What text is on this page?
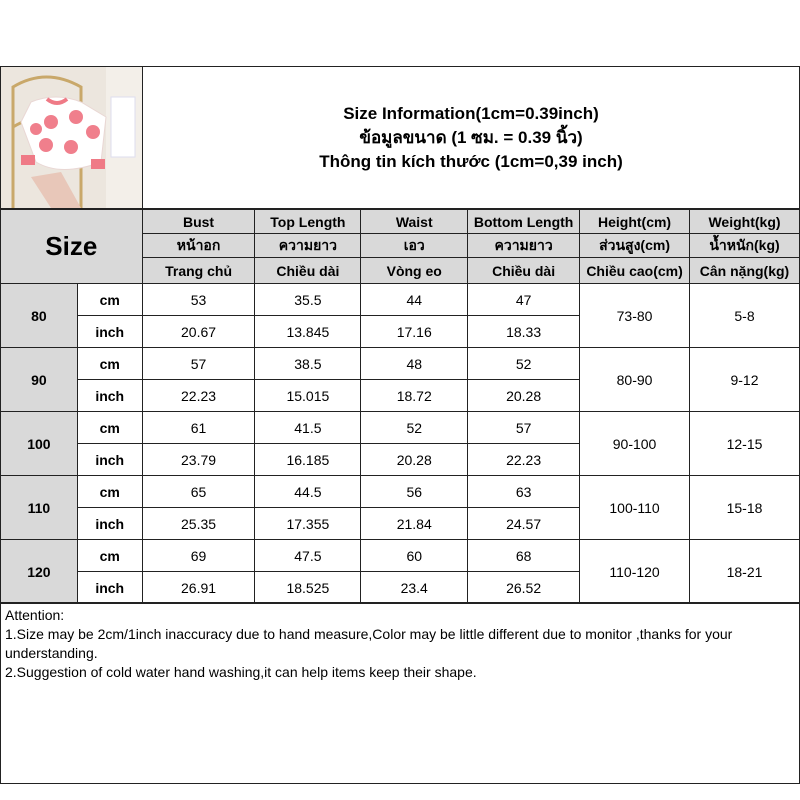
Size Information(1cm=0.39inch)
ข้อมูลขนาด (1 ซม. = 0.39 นิ้ว)
Thông tin kích thước (1cm=0,39 inch)
Size		Bust	Top Length	Waist	Bottom Length	Height(cm)	Weight(kg)
		หน้าอก	ความยาว	เอว	ความยาว	ส่วนสูง(cm)	น้ำหนัก(kg)
		Trang chủ	Chiều dài	Vòng eo	Chiều dài	Chiều cao(cm)	Cân nặng(kg)
80	cm	53	35.5	44	47	73-80	5-8
	inch	20.67	13.845	17.16	18.33		
90	cm	57	38.5	48	52	80-90	9-12
	inch	22.23	15.015	18.72	20.28		
100	cm	61	41.5	52	57	90-100	12-15
	inch	23.79	16.185	20.28	22.23		
110	cm	65	44.5	56	63	100-110	15-18
	inch	25.35	17.355	21.84	24.57		
120	cm	69	47.5	60	68	110-120	18-21
	inch	26.91	18.525	23.4	26.52		
Attention:
1.Size may be 2cm/1inch inaccuracy due to hand measure,Color may be little different due to monitor ,thanks for your understanding.
2.Suggestion of cold water hand washing,it can help items keep their shape.
